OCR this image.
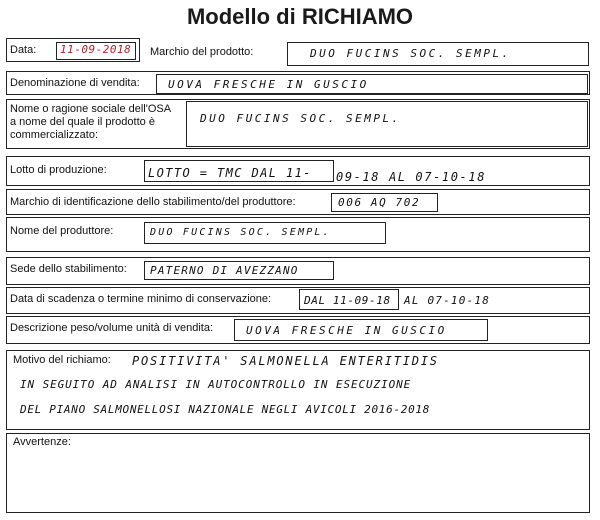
Modello di RICHIAMO
Data: 11-09-2018 Marchio del prodotto:	DUO FUCINS SOC. SEMPL.
Denominazione di vendita:	UOVA FRESCHE IN GUSCIO
Nome o ragione sociale dell'OSA
a nome del quale il prodotto è
commercializzato:
DUO FUCINS SOC. SEMPL.
Lotto di produzione:	LOTTO = TMC DAL 11- 09-18 AL 07-10-18
Marchio di identificazione dello stabilimento/del produttore:	006 AQ 702
Nome del produttore:	DUO FUCINS SOC. SEMPL.
Sede dello stabilimento: PATERNO DI AVEZZANO
Data di scadenza o termine minimo di conservazione:	DAL 11-09-18 AL 07-10-18
Descrizione peso/volume unità di vendita:	UOVA FRESCHE IN GUSCIO
Motivo del richiamo: POSITIVITA' SALMONELLA ENTERITIDIS
IN SEGUITO AD ANALISI IN AUTOCONTROLLO IN ESECUZIONE
DEL PIANO SALMONELLOSI NAZIONALE NEGLI AVICOLI 2016-2018
Avvertenze:
